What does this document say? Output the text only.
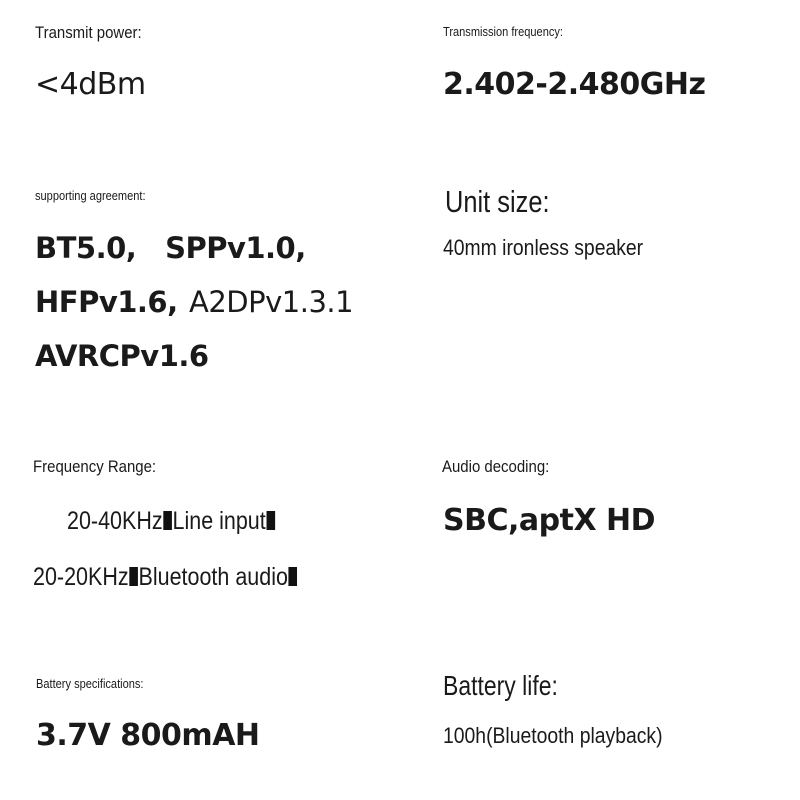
Transmit power:
<4dBm
Transmission frequency:
2.402-2.480GHz
supporting agreement:
BT5.0,   SPPv1.0,
HFPv1.6, A2DPv1.3.1
AVRCPv1.6
Unit size:
40mm ironless speaker
Frequency Range:
20-40KHz Line input
20-20KHz Bluetooth audio
Audio decoding:
SBC,aptX HD
Battery specifications:
3.7V 800mAH
Battery life:
100h(Bluetooth playback)
